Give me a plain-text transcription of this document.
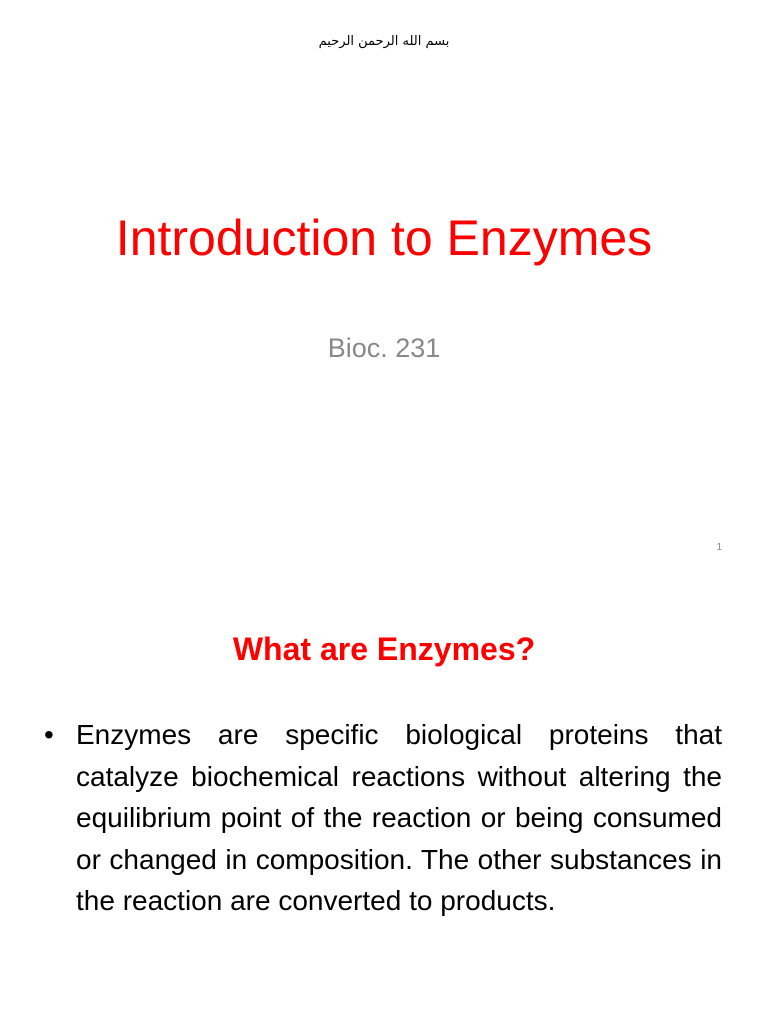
بسم الله الرحمن الرحيم
Introduction to Enzymes
Bioc. 231
1
What are Enzymes?
• Enzymes are specific biological proteins that catalyze biochemical reactions without altering the equilibrium point of the reaction or being consumed or changed in composition. The other substances in the reaction are converted to products.
